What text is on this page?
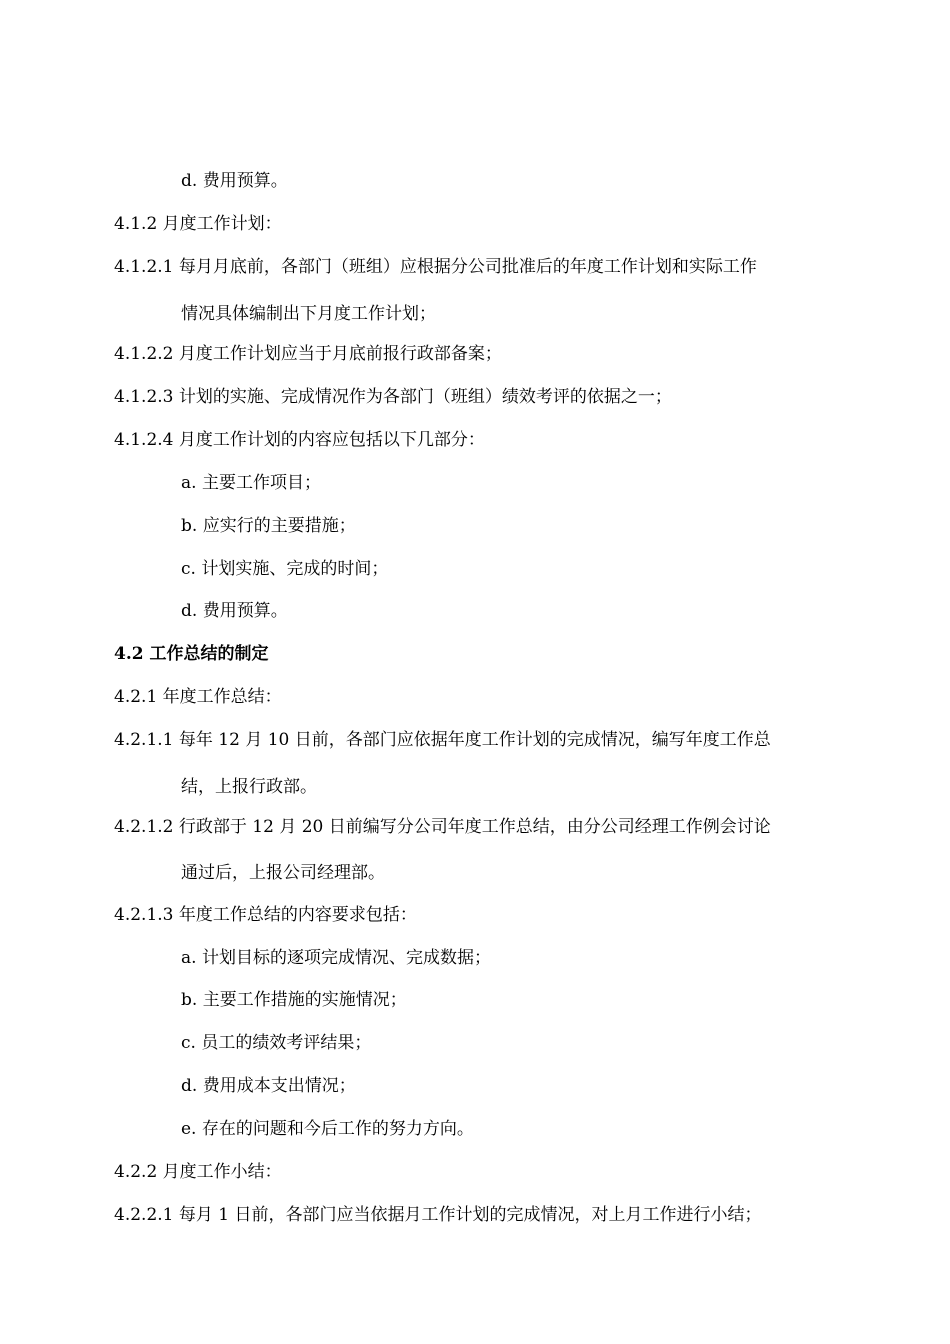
d. 费用预算。
4.1.2 月度工作计划：
4.1.2.1 每月月底前，各部门（班组）应根据分公司批准后的年度工作计划和实际工作
情况具体编制出下月度工作计划；
4.1.2.2 月度工作计划应当于月底前报行政部备案；
4.1.2.3 计划的实施、完成情况作为各部门（班组）绩效考评的依据之一；
4.1.2.4 月度工作计划的内容应包括以下几部分：
a. 主要工作项目；
b. 应实行的主要措施；
c. 计划实施、完成的时间；
d. 费用预算。
4.2 工作总结的制定
4.2.1 年度工作总结：
4.2.1.1 每年 12 月 10 日前，各部门应依据年度工作计划的完成情况，编写年度工作总
结，上报行政部。
4.2.1.2 行政部于 12 月 20 日前编写分公司年度工作总结，由分公司经理工作例会讨论
通过后，上报公司经理部。
4.2.1.3 年度工作总结的内容要求包括：
a. 计划目标的逐项完成情况、完成数据；
b. 主要工作措施的实施情况；
c. 员工的绩效考评结果；
d. 费用成本支出情况；
e. 存在的问题和今后工作的努力方向。
4.2.2 月度工作小结：
4.2.2.1 每月 1 日前，各部门应当依据月工作计划的完成情况，对上月工作进行小结；
